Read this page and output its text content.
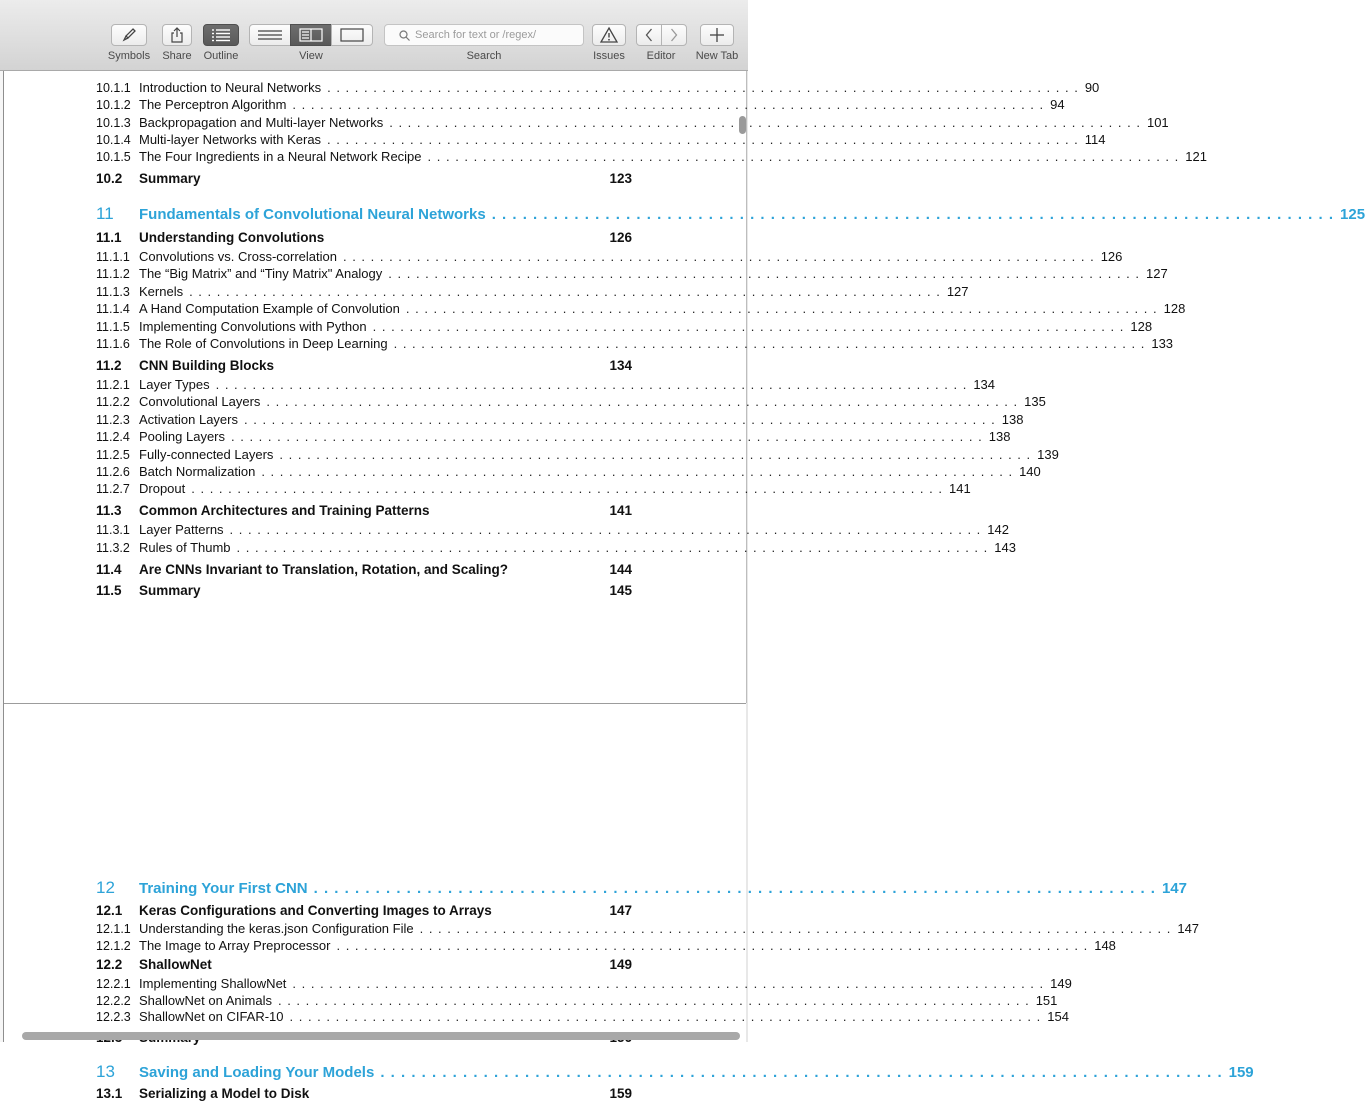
Symbols Share Outline	View
Search for text or /regex/
Search	Issues Editor New Tab
10.1.1 Introduction to Neural Networks . . .	90
10.1.2 The Perceptron Algorithm . . .	94
10.1.3 Backpropagation and Multi-layer Networks . . .	101
10.1.4 Multi-layer Networks with Keras . . .	114
10.1.5 The Four Ingredients in a Neural Network Recipe . . .	121
10.2	Summary	123
11	Fundamentals of Convolutional Neural Networks . . .	125
11.1	Understanding Convolutions	126
11.1.1 Convolutions vs. Cross-correlation . . .	126
11.1.2 The “Big Matrix” and “Tiny Matrix" Analogy . . .	127
11.1.3 Kernels . . .	127
11.1.4 A Hand Computation Example of Convolution . . .	128
11.1.5 Implementing Convolutions with Python . . .	128
11.1.6 The Role of Convolutions in Deep Learning . . .	133
11.2	CNN Building Blocks	134
11.2.1 Layer Types . . .	134
11.2.2 Convolutional Layers . . .	135
11.2.3 Activation Layers . . .	138
11.2.4 Pooling Layers . . .	138
11.2.5 Fully-connected Layers . . .	139
11.2.6 Batch Normalization . . .	140
11.2.7 Dropout . . .	141
11.3	Common Architectures and Training Patterns	141
11.3.1 Layer Patterns . . .	142
11.3.2 Rules of Thumb . . .	143
11.4	Are CNNs Invariant to Translation, Rotation, and Scaling?	144
11.5	Summary	145
12	Training Your First CNN . . .	147
12.1	Keras Configurations and Converting Images to Arrays	147
12.1.1 Understanding the keras.json Configuration File . . .	147
12.1.2 The Image to Array Preprocessor . . .	148
12.2	ShallowNet	149
12.2.1 Implementing ShallowNet . . .	149
12.2.2 ShallowNet on Animals . . .	151
12.2.3 ShallowNet on CIFAR-10 . . .	154
13	Saving and Loading Your Models . . .	159
13.1	Serializing a Model to Disk	159
